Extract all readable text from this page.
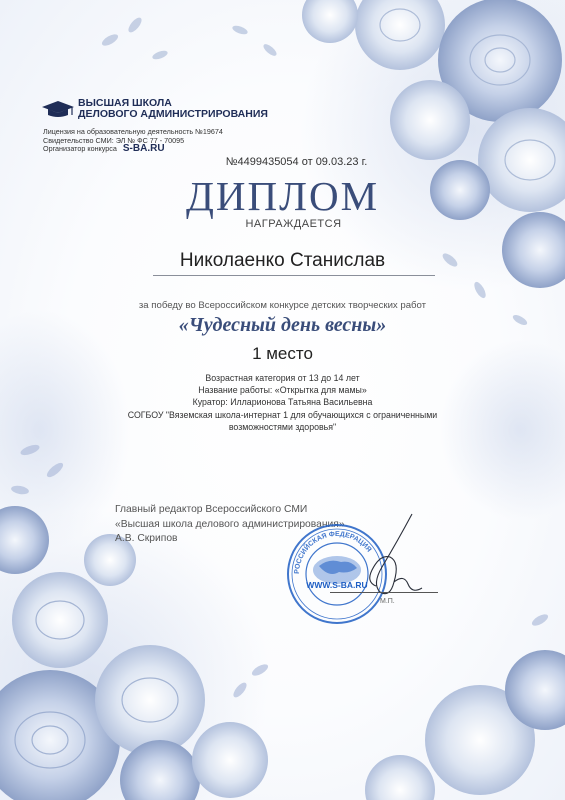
ВЫСШАЯ ШКОЛА
ДЕЛОВОГО АДМИНИСТРИРОВАНИЯ
Лицензия на образовательную деятельность №19674
Свидетельство СМИ: ЭЛ № ФС 77 - 70095
Организатор конкурса S-BA.RU
№4499435054 от 09.03.23 г.
ДИПЛОМ
НАГРАЖДАЕТСЯ
Николаенко Станислав
за победу во Всероссийском конкурсе детских творческих работ
«Чудесный день весны»
1 место
Возрастная категория от 13 до 14 лет
Название работы: «Открытка для мамы»
Куратор: Илларионова Татьяна Васильевна
СОГБОУ "Вяземская школа-интернат 1 для обучающихся с ограниченными
возможностями здоровья"
Главный редактор Всероссийского СМИ
«Высшая школа делового администрирования»
А.В. Скрипов
РОССИЙСКАЯ ФЕДЕРАЦИЯ
WWW.S-BA.RU
М.П.
